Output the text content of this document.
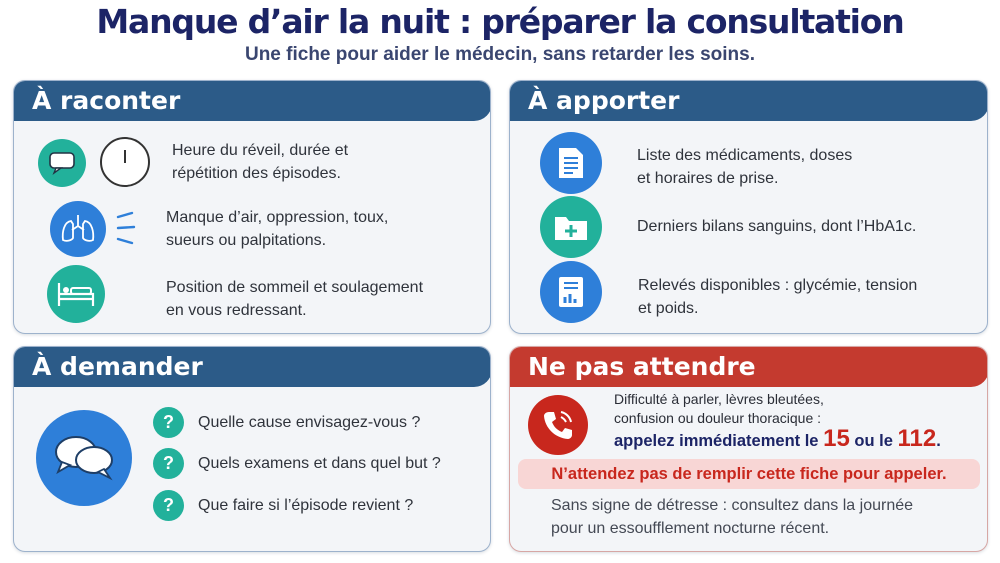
Manque d’air la nuit : préparer la consultation
Une fiche pour aider le médecin, sans retarder les soins.
À raconter
Heure du réveil, durée et
répétition des épisodes.
Manque d’air, oppression, toux,
sueurs ou palpitations.
Position de sommeil et soulagement
en vous redressant.
À apporter
Liste des médicaments, doses
et horaires de prise.
Derniers bilans sanguins, dont l’HbA1c.
Relevés disponibles : glycémie, tension
et poids.
À demander
?	Quelle cause envisagez-vous ?
?	Quels examens et dans quel but ?
?	Que faire si l’épisode revient ?
Ne pas attendre
Difficulté à parler, lèvres bleutées,
confusion ou douleur thoracique :
appelez immédiatement le 15 ou le 112.
N’attendez pas de remplir cette fiche pour appeler.
Sans signe de détresse : consultez dans la journée
pour un essoufflement nocturne récent.
